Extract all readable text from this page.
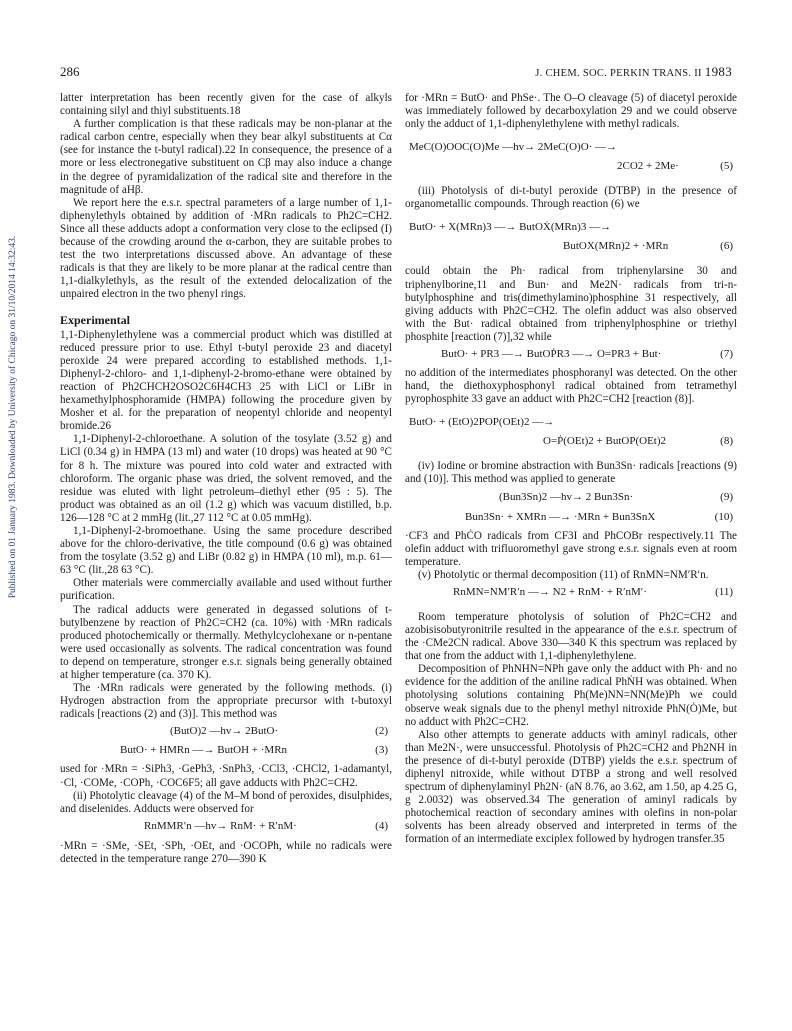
286	J. CHEM. SOC. PERKIN TRANS. II 1983
Published on 01 January 1983. Downloaded by University of Chicago on 31/10/2014 14:32:43.

latter interpretation has been recently given for the case of alkyls containing silyl and thiyl substituents.18

A further complication is that these radicals may be non-planar at the radical carbon centre, especially when they bear alkyl substituents at Cα (see for instance the t-butyl radical).22 In consequence, the presence of a more or less electronegative substituent on Cβ may also induce a change in the degree of pyramidalization of the radical site and therefore in the magnitude of aHβ.

We report here the e.s.r. spectral parameters of a large number of 1,1-diphenylethyls obtained by addition of ·MRn radicals to Ph2C=CH2. Since all these adducts adopt a conformation very close to the eclipsed (I) because of the crowding around the α-carbon, they are suitable probes to test the two interpretations discussed above. An advantage of these radicals is that they are likely to be more planar at the radical centre than 1,1-dialkylethyls, as the result of the extended delocalization of the unpaired electron in the two phenyl rings.

Experimental

1,1-Diphenylethylene was a commercial product which was distilled at reduced pressure prior to use. Ethyl t-butyl peroxide 23 and diacetyl peroxide 24 were prepared according to established methods. 1,1-Diphenyl-2-chloro- and 1,1-diphenyl-2-bromo-ethane were obtained by reaction of Ph2CHCH2OSO2C6H4CH3 25 with LiCl or LiBr in hexamethylphosphoramide (HMPA) following the procedure given by Mosher et al. for the preparation of neopentyl chloride and neopentyl bromide.26

1,1-Diphenyl-2-chloroethane. A solution of the tosylate (3.52 g) and LiCl (0.34 g) in HMPA (13 ml) and water (10 drops) was heated at 90 °C for 8 h. The mixture was poured into cold water and extracted with chloroform. The organic phase was dried, the solvent removed, and the residue was eluted with light petroleum–diethyl ether (95 : 5). The product was obtained as an oil (1.2 g) which was vacuum distilled, b.p. 126—128 °C at 2 mmHg (lit.,27 112 °C at 0.05 mmHg).

1,1-Diphenyl-2-bromoethane. Using the same procedure described above for the chloro-derivative, the title compound (0.6 g) was obtained from the tosylate (3.52 g) and LiBr (0.82 g) in HMPA (10 ml), m.p. 61—63 °C (lit.,28 63 °C).

Other materials were commercially available and used without further purification.

The radical adducts were generated in degassed solutions of t-butylbenzene by reaction of Ph2C=CH2 (ca. 10%) with ·MRn radicals produced photochemically or thermally. Methylcyclohexane or n-pentane were used occasionally as solvents. The radical concentration was found to depend on temperature, stronger e.s.r. signals being generally obtained at higher temperature (ca. 370 K).

The ·MRn radicals were generated by the following methods. (i) Hydrogen abstraction from the appropriate precursor with t-butoxyl radicals [reactions (2) and (3)]. This method was

(ButO)2 —hv→ 2ButO·	(2)
ButO· + HMRn —→ ButOH + ·MRn	(3)

used for ·MRn = ·SiPh3, ·GePh3, ·SnPh3, ·CCl3, ·CHCl2, 1-adamantyl, ·Cl, ·COMe, ·COPh, ·COC6F5; all gave adducts with Ph2C=CH2.

(ii) Photolytic cleavage (4) of the M–M bond of peroxides, disulphides, and diselenides. Adducts were observed for

RnMMR′n —hv→ RnM· + R′nM·	(4)

·MRn = ·SMe, ·SEt, ·SPh, ·OEt, and ·OCOPh, while no radicals were detected in the temperature range 270—390 K

for ·MRn = ButO· and PhSe·. The O–O cleavage (5) of diacetyl peroxide was immediately followed by decarboxylation 29 and we could observe only the adduct of 1,1-diphenylethylene with methyl radicals.

MeC(O)OOC(O)Me —hv→ 2MeC(O)O· —→
2CO2 + 2Me·	(5)

(iii) Photolysis of di-t-butyl peroxide (DTBP) in the presence of organometallic compounds. Through reaction (6) we

ButO· + X(MRn)3 —→ ButOẊ(MRn)3 —→
ButOX(MRn)2 + ·MRn	(6)

could obtain the Ph· radical from triphenylarsine 30 and triphenylborine,11 and Bun· and Me2N· radicals from tri-n-butylphosphine and tris(dimethylamino)phosphine 31 respectively, all giving adducts with Ph2C=CH2. The olefin adduct was also observed with the But· radical obtained from triphenylphosphine or triethyl phosphite [reaction (7)],32 while

ButO· + PR3 —→ ButOṖR3 —→ O=PR3 + But·	(7)

no addition of the intermediates phosphoranyl was detected. On the other hand, the diethoxyphosphonyl radical obtained from tetramethyl pyrophosphite 33 gave an adduct with Ph2C=CH2 [reaction (8)].

ButO· + (EtO)2POP(OEt)2 —→
O=Ṗ(OEt)2 + ButOP(OEt)2	(8)

(iv) Iodine or bromine abstraction with Bun3Sn· radicals [reactions (9) and (10)]. This method was applied to generate

(Bun3Sn)2 —hv→ 2 Bun3Sn·	(9)
Bun3Sn· + XMRn —→ ·MRn + Bun3SnX	(10)

·CF3 and PhĊO radicals from CF3I and PhCOBr respectively.11 The olefin adduct with trifluoromethyl gave strong e.s.r. signals even at room temperature.

(v) Photolytic or thermal decomposition (11) of RnMN=NM′R′n.

RnMN=NM′R′n —→ N2 + RnM· + R′nM′·	(11)

Room temperature photolysis of solution of Ph2C=CH2 and azobisisobutyronitrile resulted in the appearance of the e.s.r. spectrum of the ·CMe2CN radical. Above 330—340 K this spectrum was replaced by that one from the adduct with 1,1-diphenylethylene.

Decomposition of PhNHN=NPh gave only the adduct with Ph· and no evidence for the addition of the aniline radical PhṄH was obtained. When photolysing solutions containing Ph(Me)NN=NN(Me)Ph we could observe weak signals due to the phenyl methyl nitroxide PhN(Ȯ)Me, but no adduct with Ph2C=CH2.

Also other attempts to generate adducts with aminyl radicals, other than Me2N·, were unsuccessful. Photolysis of Ph2C=CH2 and Ph2NH in the presence of di-t-butyl peroxide (DTBP) yields the e.s.r. spectrum of diphenyl nitroxide, while without DTBP a strong and well resolved spectrum of diphenylaminyl Ph2N· (aN 8.76, ao 3.62, am 1.50, ap 4.25 G, g 2.0032) was observed.34 The generation of aminyl radicals by photochemical reaction of secondary amines with olefins in non-polar solvents has been already observed and interpreted in terms of the formation of an intermediate exciplex followed by hydrogen transfer.35
